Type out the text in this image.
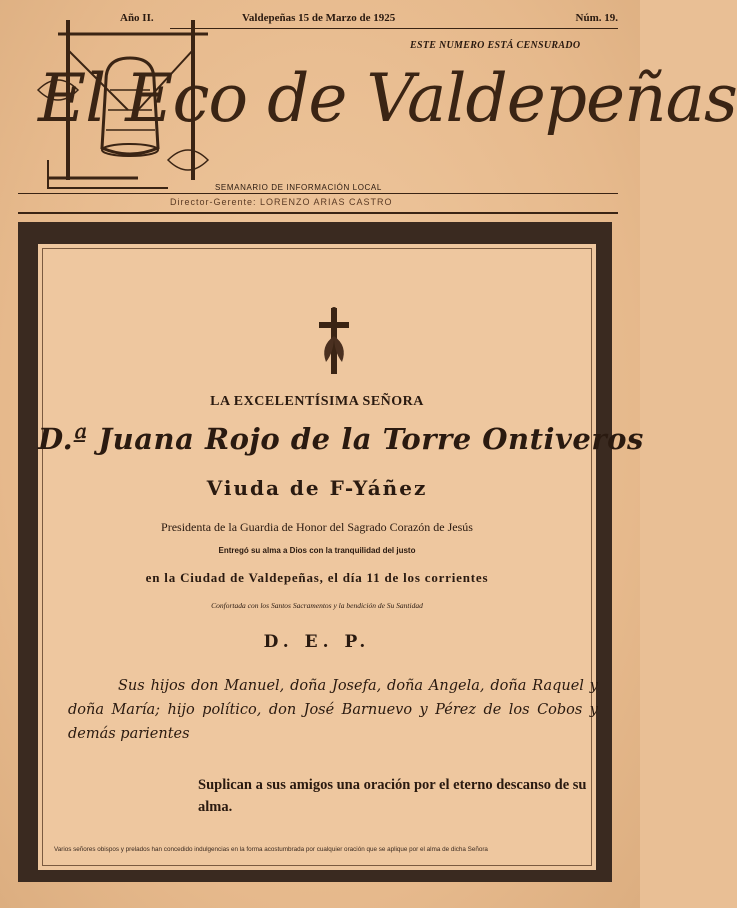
Año II.	Valdepeñas 15 de Marzo de 1925	Núm. 19.
ESTE NUMERO ESTÁ CENSURADO
El Eco de Valdepeñas
SEMANARIO DE INFORMACIÓN LOCAL
Director-Gerente: LORENZO ARIAS CASTRO
LA EXCELENTÍSIMA SEÑORA
D.ª Juana Rojo de la Torre Ontiveros
Viuda de F-Yáñez
Presidenta de la Guardia de Honor del Sagrado Corazón de Jesús
Entregó su alma a Dios con la tranquilidad del justo
en la Ciudad de Valdepeñas, el día 11 de los corrientes
Confortada con los Santos Sacramentos y la bendición de Su Santidad
D. E. P.
Sus hijos don Manuel, doña Josefa, doña Angela, doña Raquel y doña María; hijo político, don José Barnuevo y Pérez de los Cobos y demás parientes
Suplican a sus amigos una oración por el eterno descanso de su alma.
Varios señores obispos y prelados han concedido indulgencias en la forma acostumbrada por cualquier oración que se aplique por el alma de dicha Señora
